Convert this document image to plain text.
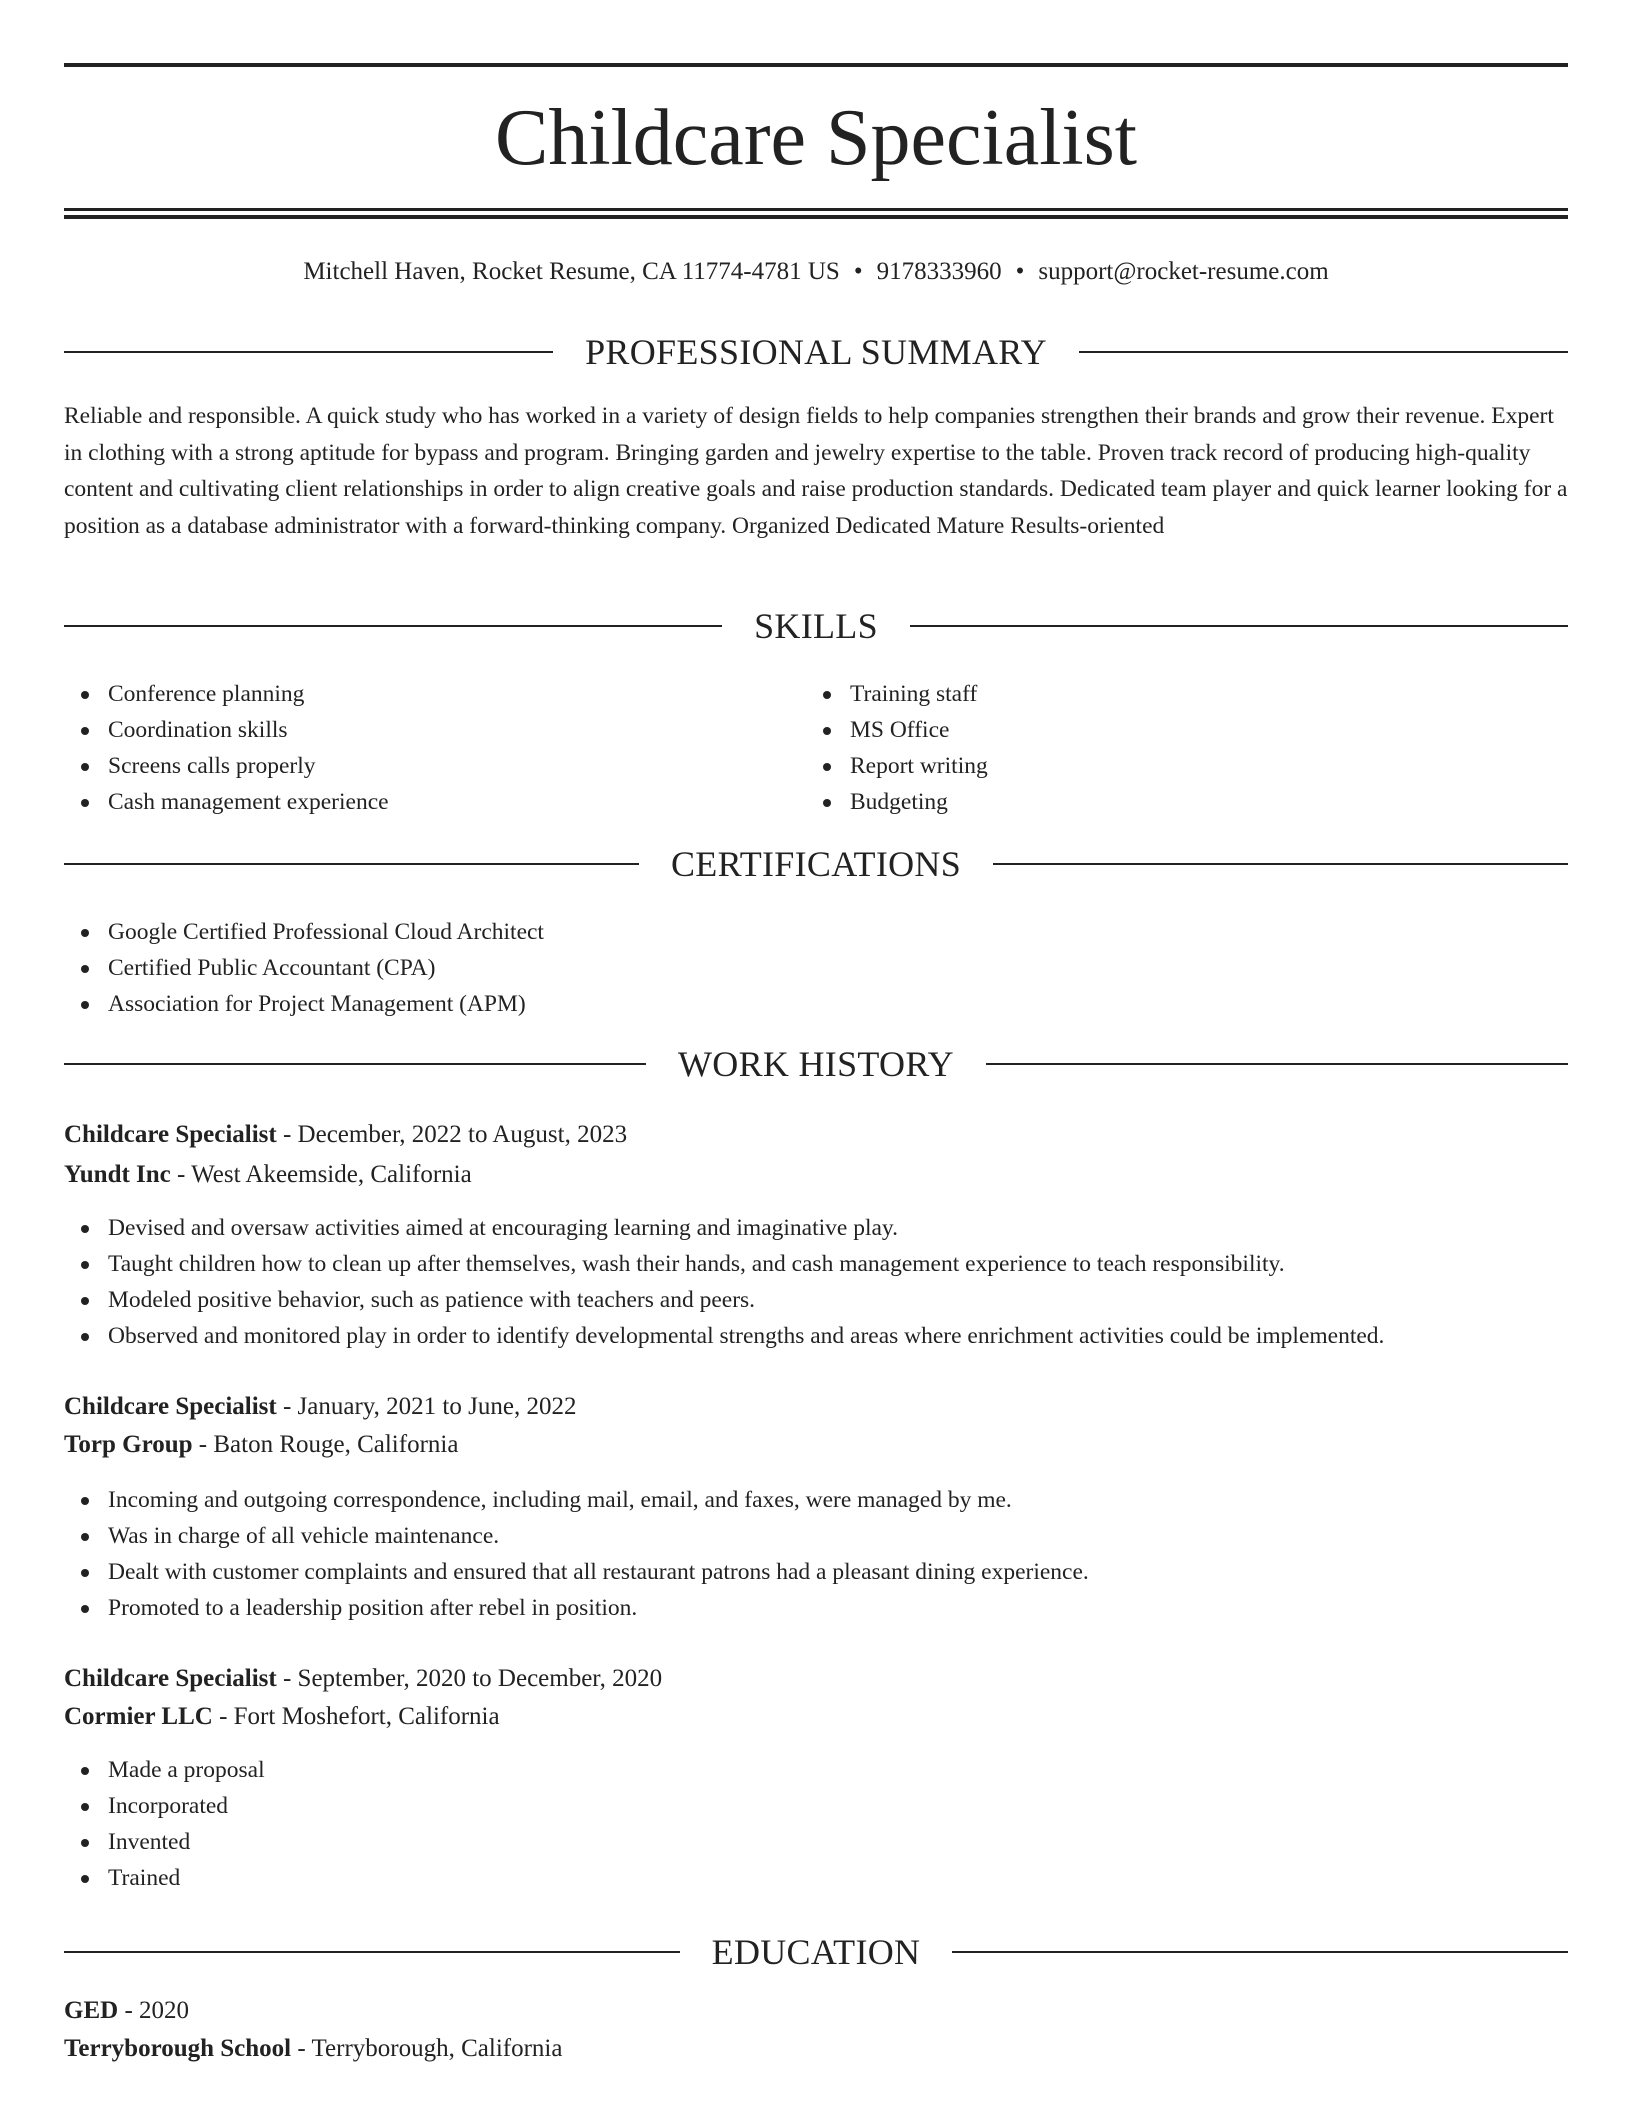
Childcare Specialist
Mitchell Haven, Rocket Resume, CA 11774-4781 US • 9178333960 • support@rocket-resume.com
PROFESSIONAL SUMMARY

Reliable and responsible. A quick study who has worked in a variety of design fields to help companies strengthen their brands and grow their revenue. Expert in clothing with a strong aptitude for bypass and program. Bringing garden and jewelry expertise to the table. Proven track record of producing high-quality content and cultivating client relationships in order to align creative goals and raise production standards. Dedicated team player and quick learner looking for a position as a database administrator with a forward-thinking company. Organized Dedicated Mature Results-oriented

SKILLS
Conference planning
Coordination skills
Screens calls properly
Cash management experience
Training staff
MS Office
Report writing
Budgeting
CERTIFICATIONS
Google Certified Professional Cloud Architect
Certified Public Accountant (CPA)
Association for Project Management (APM)
WORK HISTORY
Childcare Specialist - December, 2022 to August, 2023
Yundt Inc - West Akeemside, California
Devised and oversaw activities aimed at encouraging learning and imaginative play.
Taught children how to clean up after themselves, wash their hands, and cash management experience to teach responsibility.
Modeled positive behavior, such as patience with teachers and peers.
Observed and monitored play in order to identify developmental strengths and areas where enrichment activities could be implemented.
Childcare Specialist - January, 2021 to June, 2022
Torp Group - Baton Rouge, California
Incoming and outgoing correspondence, including mail, email, and faxes, were managed by me.
Was in charge of all vehicle maintenance.
Dealt with customer complaints and ensured that all restaurant patrons had a pleasant dining experience.
Promoted to a leadership position after rebel in position.
Childcare Specialist - September, 2020 to December, 2020
Cormier LLC - Fort Moshefort, California
Made a proposal
Incorporated
Invented
Trained
EDUCATION
GED - 2020
Terryborough School - Terryborough, California
